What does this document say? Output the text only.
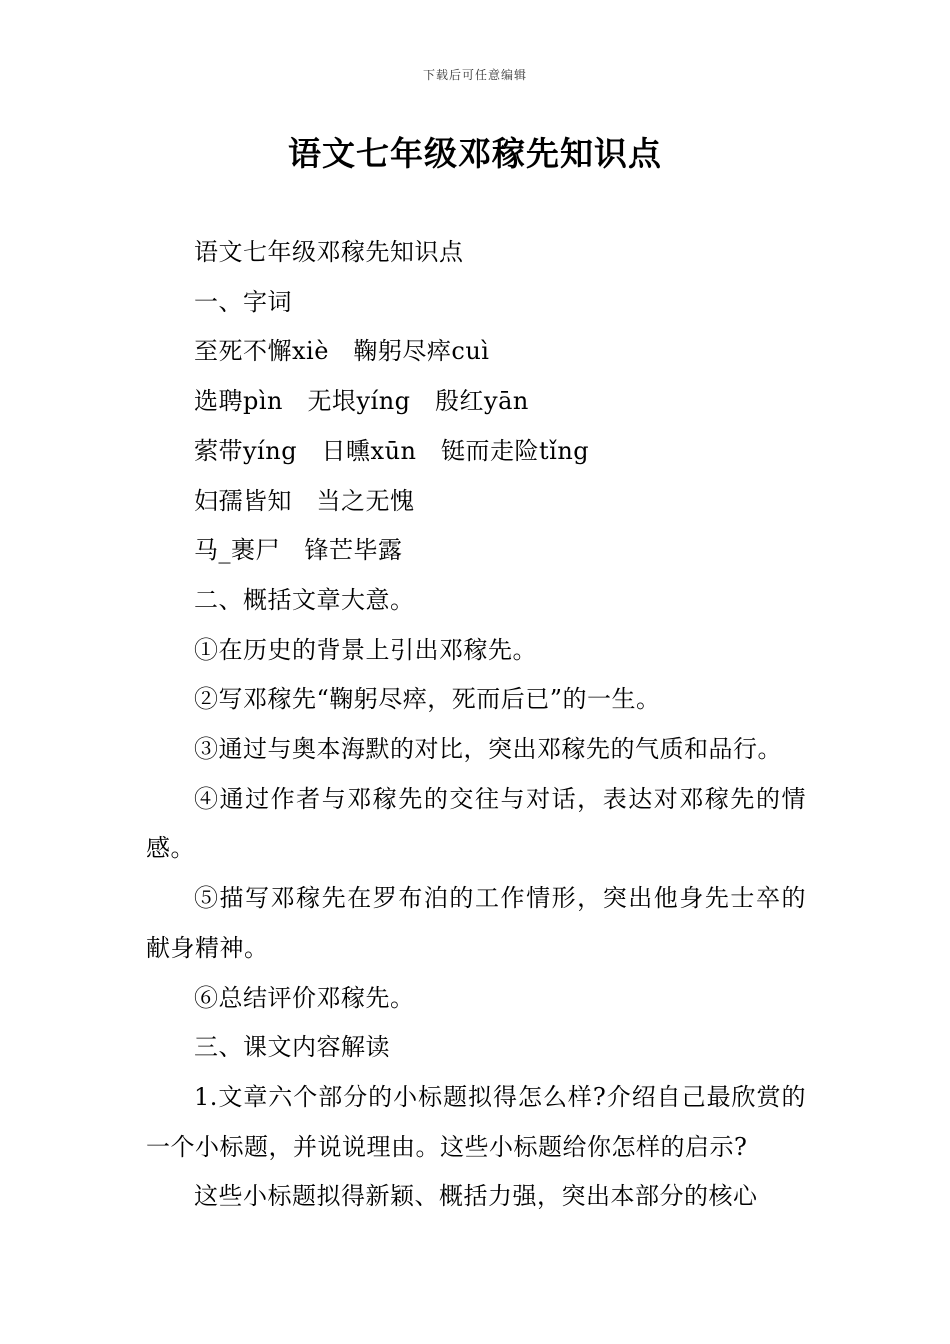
下载后可任意编辑
语文七年级邓稼先知识点

语文七年级邓稼先知识点

一、字词

至死不懈xiè　鞠躬尽瘁cuì

选聘pìn　无垠yíng　殷红yān

萦带yíng　日曛xūn　铤而走险tǐng

妇孺皆知　当之无愧

马_裹尸　锋芒毕露

二、概括文章大意。

①在历史的背景上引出邓稼先。

②写邓稼先“鞠躬尽瘁，死而后已”的一生。

③通过与奥本海默的对比，突出邓稼先的气质和品行。

④通过作者与邓稼先的交往与对话，表达对邓稼先的情感。

⑤描写邓稼先在罗布泊的工作情形，突出他身先士卒的献身精神。

⑥总结评价邓稼先。

三、课文内容解读

1.文章六个部分的小标题拟得怎么样?介绍自己最欣赏的一个小标题，并说说理由。这些小标题给你怎样的启示?

这些小标题拟得新颖、概括力强，突出本部分的核心
